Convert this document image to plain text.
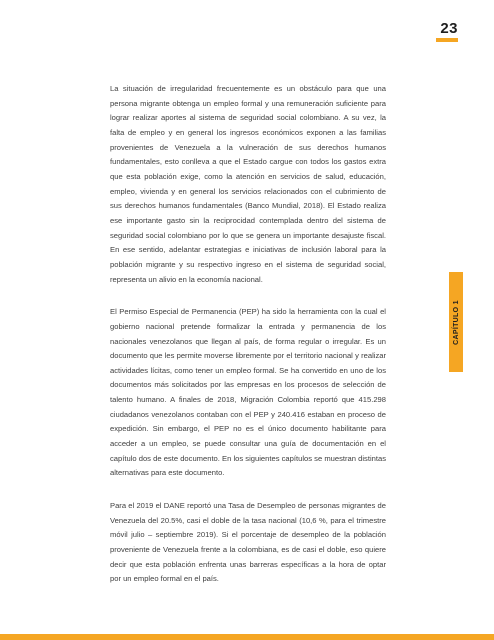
23

La situación de irregularidad frecuentemente es un obstáculo para que una persona migrante obtenga un empleo formal y una remuneración suficiente para lograr realizar aportes al sistema de seguridad social colombiano. A su vez, la falta de empleo y en general los ingresos económicos exponen a las familias provenientes de Venezuela a la vulneración de sus derechos humanos fundamentales, esto conlleva a que el Estado cargue con todos los gastos extra que esta población exige, como la atención en servicios de salud, educación, empleo, vivienda y en general los servicios relacionados con el cubrimiento de sus derechos humanos fundamentales (Banco Mundial, 2018). El Estado realiza ese importante gasto sin la reciprocidad contemplada dentro del sistema de seguridad social colombiano por lo que se genera un importante desajuste fiscal. En ese sentido, adelantar estrategias e iniciativas de inclusión laboral para la población migrante y su respectivo ingreso en el sistema de seguridad social, representa un alivio en la economía nacional.

El Permiso Especial de Permanencia (PEP) ha sido la herramienta con la cual el gobierno nacional pretende formalizar la entrada y permanencia de los nacionales venezolanos que llegan al país, de forma regular o irregular. Es un documento que les permite moverse libremente por el territorio nacional y realizar actividades lícitas, como tener un empleo formal. Se ha convertido en uno de los documentos más solicitados por las empresas en los procesos de selección de talento humano. A finales de 2018, Migración Colombia reportó que 415.298 ciudadanos venezolanos contaban con el PEP y 240.416 estaban en proceso de expedición. Sin embargo, el PEP no es el único documento habilitante para acceder a un empleo, se puede consultar una guía de documentación en el capítulo dos de este documento. En los siguientes capítulos se muestran distintas alternativas para este documento.

Para el 2019 el DANE reportó una Tasa de Desempleo de personas migrantes de Venezuela del 20.5%, casi el doble de la tasa nacional (10,6 %, para el trimestre móvil julio – septiembre 2019). Si el porcentaje de desempleo de la población proveniente de Venezuela frente a la colombiana, es de casi el doble, eso quiere decir que esta población enfrenta unas barreras específicas a la hora de optar por un empleo formal en el país.

CAPÍTULO 1
